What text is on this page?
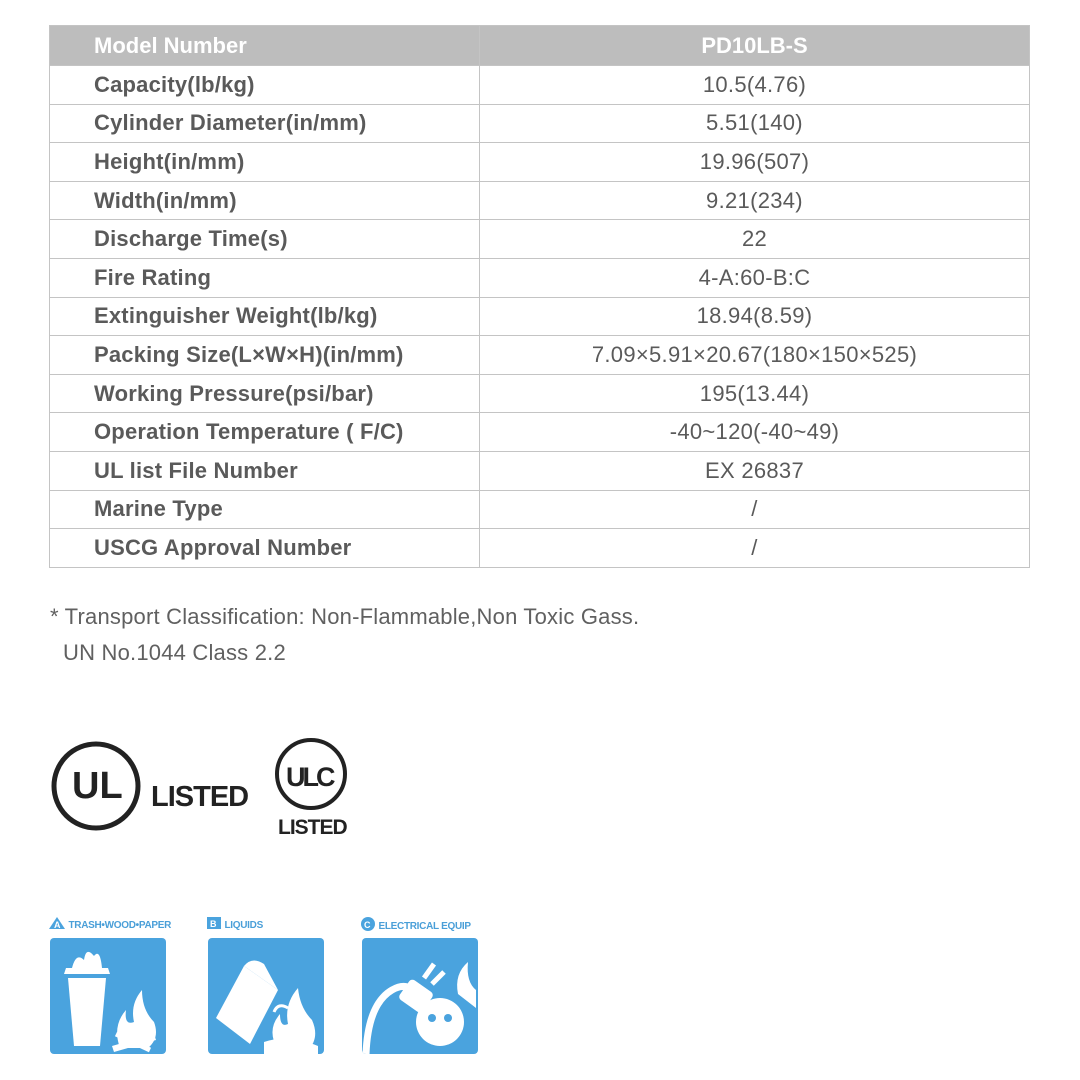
Model Number	PD10LB-S
Capacity(lb/kg)	10.5(4.76)
Cylinder Diameter(in/mm)	5.51(140)
Height(in/mm)	19.96(507)
Width(in/mm)	9.21(234)
Discharge Time(s)	22
Fire Rating	4-A:60-B:C
Extinguisher Weight(lb/kg)	18.94(8.59)
Packing Size(L×W×H)(in/mm)	7.09×5.91×20.67(180×150×525)
Working Pressure(psi/bar)	195(13.44)
Operation Temperature ( F/C)	-40~120(-40~49)
UL list File Number	EX 26837
Marine Type	/
USCG Approval Number	/
* Transport Classification: Non-Flammable,Non Toxic Gass.
UN No.1044 Class 2.2
UL LISTED
ULC
LISTED
A TRASH•WOOD•PAPER	B LIQUIDS	C ELECTRICAL EQUIP
